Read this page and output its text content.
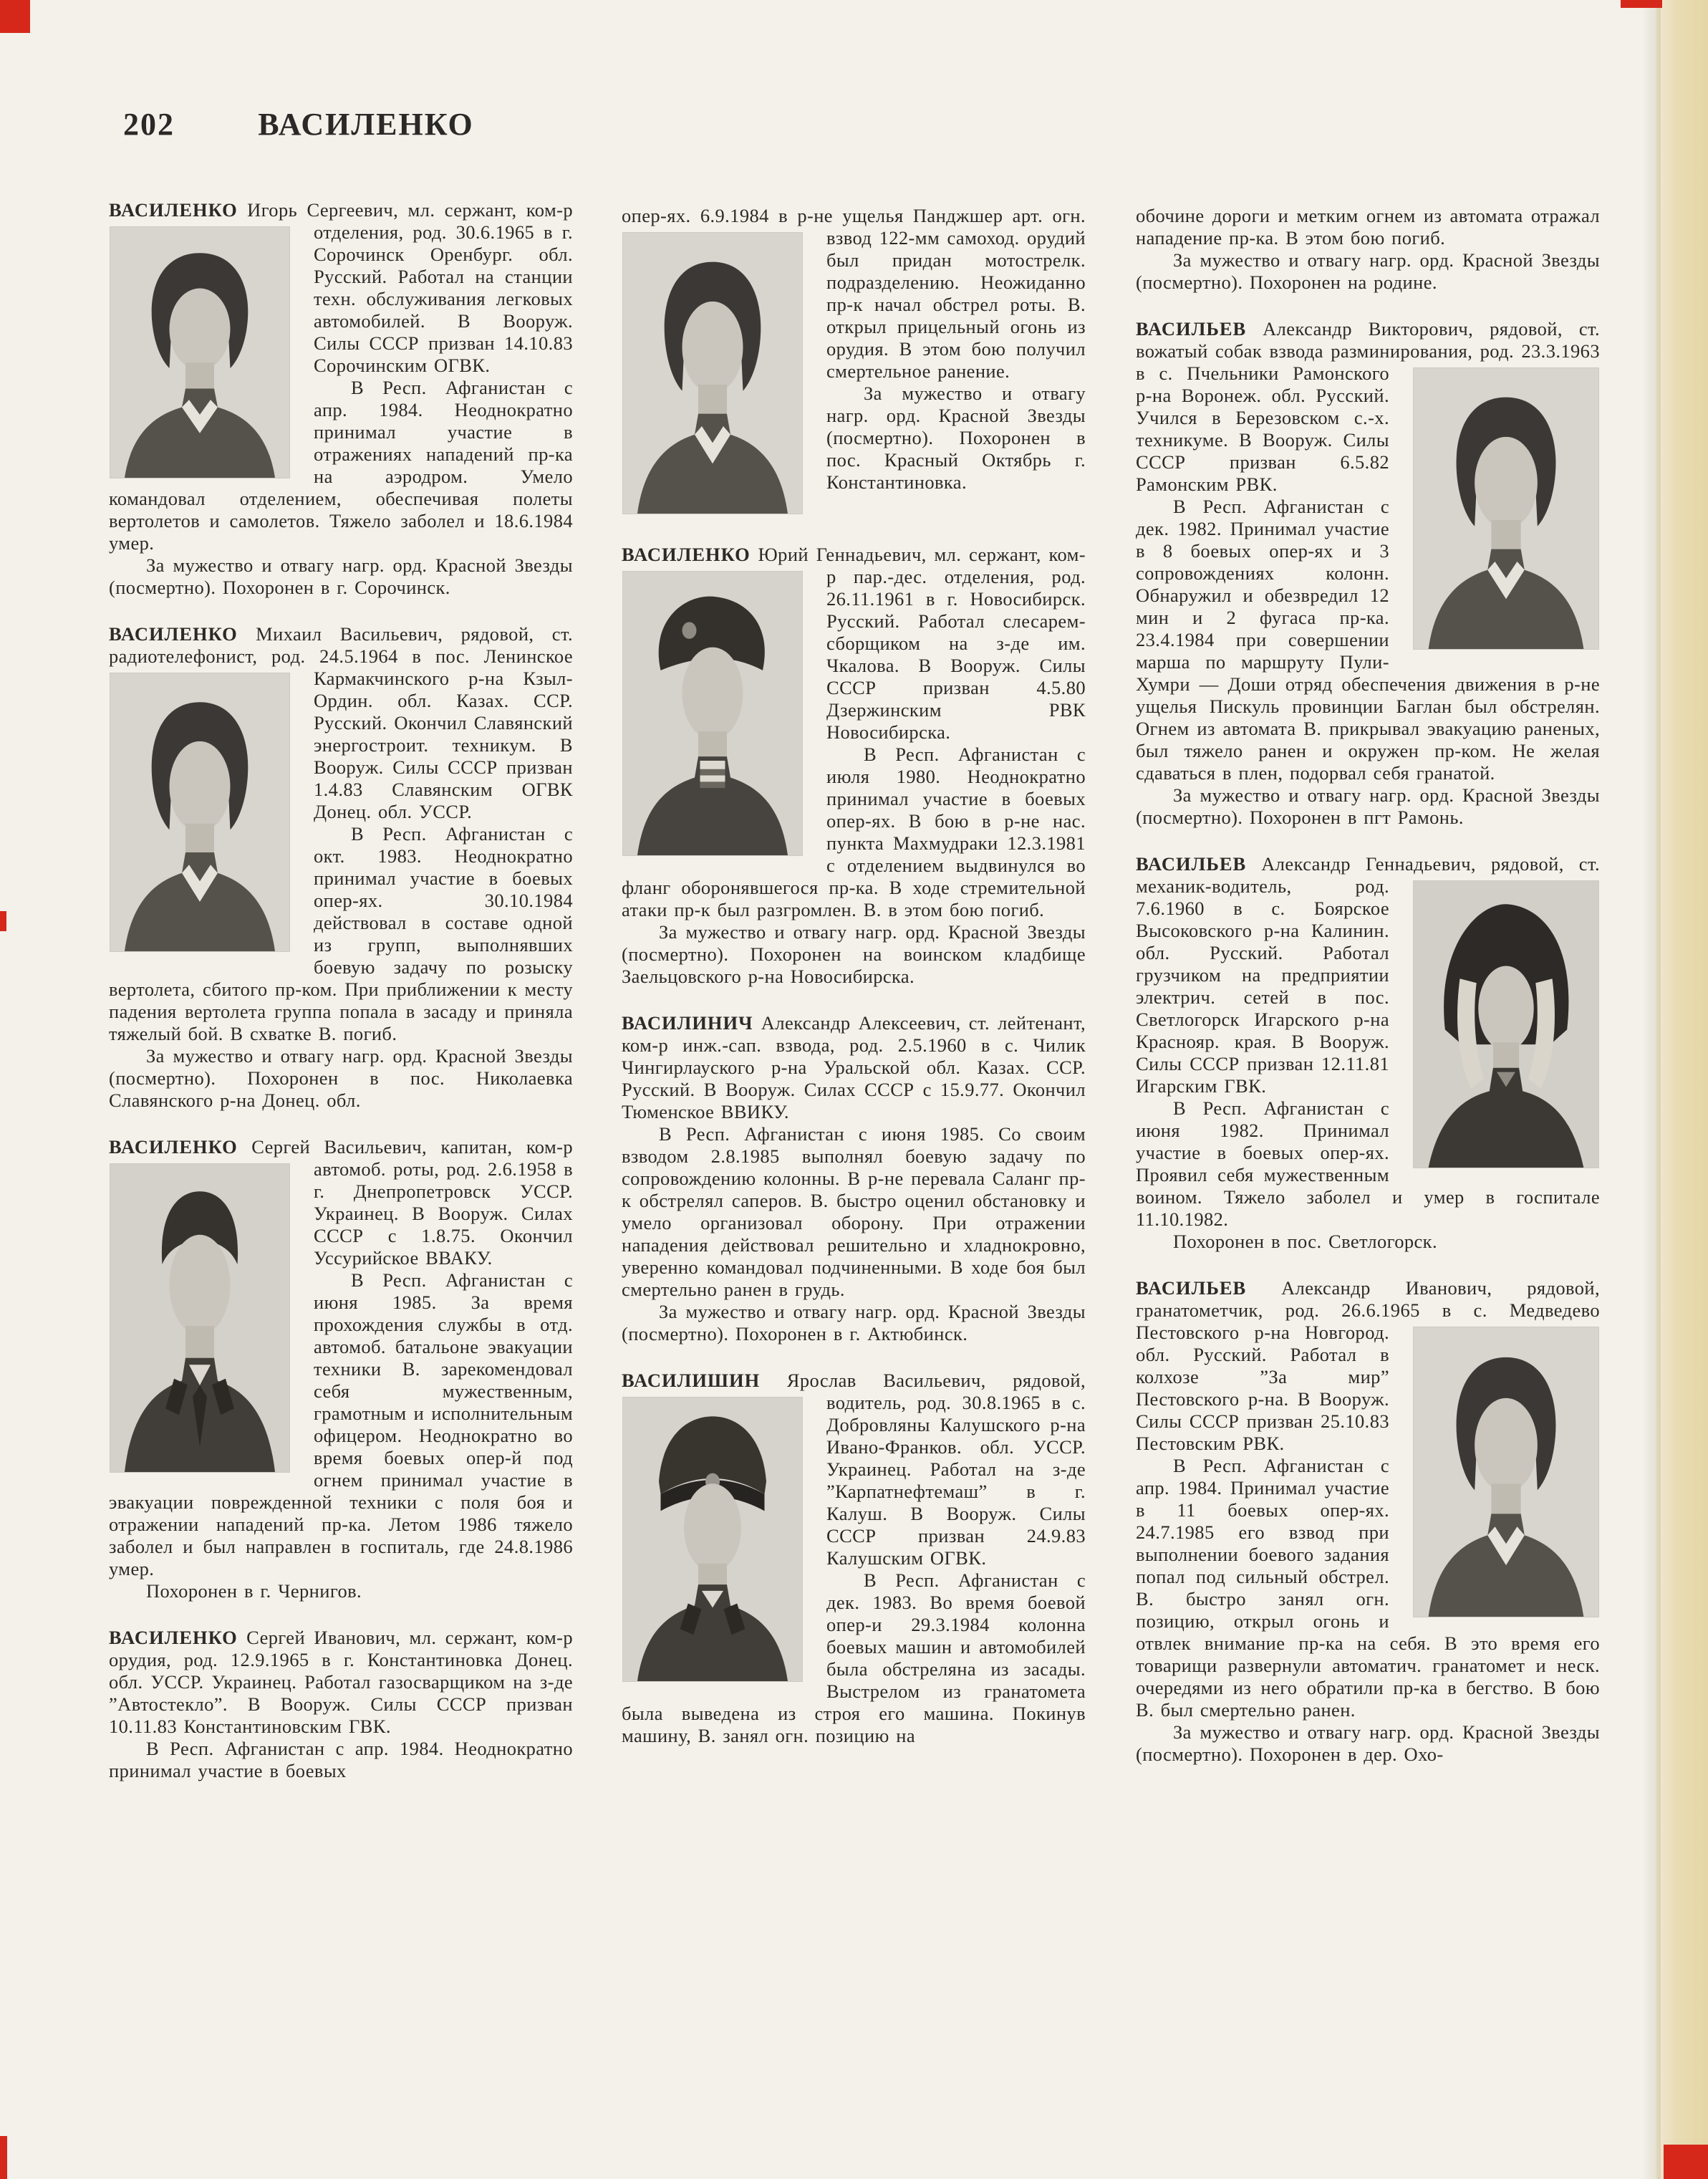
202	ВАСИЛЕНКО

ВАСИЛЕНКО Игорь Сергеевич, мл. сержант, ком-р отделения, род. 30.6.1965 в г.
Сорочинск Оренбург. обл. Русский. Работал на станции техн. обслуживания легковых автомобилей. В Вооруж. Силы СССР призван 14.10.83 Сорочинским ОГВК.

В Респ. Афганистан с апр. 1984. Неоднократно принимал участие в отражениях нападений пр-ка на аэродром. Умело командовал отделением, обеспечивая полеты вертолетов и самолетов. Тяжело заболел и 18.6.1984 умер.

За мужество и отвагу нагр. орд. Красной Звезды (посмертно). Похоронен в г. Сорочинск.

ВАСИЛЕНКО Михаил Васильевич, рядовой, ст. радиотелефонист, род. 24.5.1964 в пос. Ленинское Кармакчинского р-на Кзыл-Ордин. обл. Казах. ССР. Русский. Окончил Славянский энергостроит. техникум. В Вооруж. Силы СССР призван 1.4.83 Славянским ОГВК Донец. обл. УССР.

В Респ. Афганистан с окт. 1983. Неоднократно принимал участие в боевых опер-ях. 30.10.1984 действовал в составе одной из групп, выполнявших боевую задачу по розыску вертолета, сбитого пр-ком. При приближении к месту падения вертолета группа попала в засаду и приняла тяжелый бой. В схватке В. погиб.

За мужество и отвагу нагр. орд. Красной Звезды (посмертно). Похоронен в пос. Николаевка Славянского р-на Донец. обл.

ВАСИЛЕНКО Сергей Васильевич, капитан, ком-р автомоб. роты, род. 2.6.1958 в
г. Днепропетровск УССР. Украинец. В Вооруж. Силах СССР с 1.8.75. Окончил Уссурийское ВВАКУ.

В Респ. Афганистан с июня 1985. За время прохождения службы в отд. автомоб. батальоне эвакуации техники В. зарекомендовал себя мужественным, грамотным и исполнительным офицером. Неоднократно во время боевых опер-й под огнем принимал участие в эвакуации поврежденной техники с поля боя и отражении нападений пр-ка. Летом 1986 тяжело заболел и был направлен в госпиталь, где 24.8.1986 умер.

Похоронен в г. Чернигов.

ВАСИЛЕНКО Сергей Иванович, мл. сержант, ком-р орудия, род. 12.9.1965 в г. Константиновка Донец. обл. УССР. Украинец. Работал газосварщиком на з-де ”Автостекло”. В Вооруж. Силы СССР призван 10.11.83 Константиновским ГВК.

В Респ. Афганистан с апр. 1984. Неоднократно принимал участие в боевых

опер-ях. 6.9.1984 в р-не ущелья Панджшер арт. огн. взвод 122-мм самоход. орудий был придан мотострелк. подразделению. Неожиданно пр-к начал обстрел роты. В. открыл прицельный огонь из орудия. В этом бою получил смертельное ранение.

За мужество и отвагу нагр. орд. Красной Звезды (посмертно). Похоронен в пос. Красный Октябрь г. Константиновка.

ВАСИЛЕНКО Юрий Геннадьевич, мл. сержант, ком-р пар.-дес. отделения, род.
26.11.1961 в г. Новосибирск. Русский. Работал слесарем-сборщиком на з-де им. Чкалова. В Вооруж. Силы СССР призван 4.5.80 Дзержинским РВК Новосибирска.

В Респ. Афганистан с июля 1980. Неоднократно принимал участие в боевых опер-ях. В бою в р-не нас. пункта Махмудраки 12.3.1981 с отделением выдвинулся во фланг оборонявшегося пр-ка. В ходе стремительной атаки пр-к был разгромлен. В. в этом бою погиб.

За мужество и отвагу нагр. орд. Красной Звезды (посмертно). Похоронен на воинском кладбище Заельцовского р-на Новосибирска.

ВАСИЛИНИЧ Александр Алексеевич, ст. лейтенант, ком-р инж.-сап. взвода, род. 2.5.1960 в с. Чилик Чингирлауского р-на Уральской обл. Казах. ССР. Русский. В Вооруж. Силах СССР с 15.9.77. Окончил Тюменское ВВИКУ.

В Респ. Афганистан с июня 1985. Со своим взводом 2.8.1985 выполнял боевую задачу по сопровождению колонны. В р-не перевала Саланг пр-к обстрелял саперов. В. быстро оценил обстановку и умело организовал оборону. При отражении нападения действовал решительно и хладнокровно, уверенно командовал подчиненными. В ходе боя был смертельно ранен в грудь.

За мужество и отвагу нагр. орд. Красной Звезды (посмертно). Похоронен в г. Актюбинск.

ВАСИЛИШИН Ярослав Васильевич, рядовой, водитель, род. 30.8.1965 в с.
Добровляны Калушского р-на Ивано-Франков. обл. УССР. Украинец. Работал на з-де ”Карпатнефтемаш” в г. Калуш. В Вооруж. Силы СССР призван 24.9.83 Калушским ОГВК.

В Респ. Афганистан с дек. 1983. Во время боевой опер-и 29.3.1984 колонна боевых машин и автомобилей была обстреляна из засады. Выстрелом из гранатомета была выведена из строя его машина. Покинув машину, В. занял огн. позицию на

обочине дороги и метким огнем из автомата отражал нападение пр-ка. В этом бою погиб.

За мужество и отвагу нагр. орд. Красной Звезды (посмертно). Похоронен на родине.

ВАСИЛЬЕВ Александр Викторович, рядовой, ст. вожатый собак взвода разминирования, род. 23.3.1963 в с. Пчельники Рамонского р-на Воронеж. обл. Русский. Учился в Березовском с.-х. техникуме. В Вооруж. Силы СССР призван 6.5.82 Рамонским РВК.

В Респ. Афганистан с дек. 1982. Принимал участие в 8 боевых опер-ях и 3 сопровождениях колонн. Обнаружил и обезвредил 12 мин и 2 фугаса пр-ка. 23.4.1984 при совершении марша по маршруту Пули-Хумри — Доши отряд обеспечения движения в р-не ущелья Пискуль провинции Баглан был обстрелян. Огнем из автомата В. прикрывал эвакуацию раненых, был тяжело ранен и окружен пр-ком. Не желая сдаваться в плен, подорвал себя гранатой.

За мужество и отвагу нагр. орд. Красной Звезды (посмертно). Похоронен в пгт Рамонь.

ВАСИЛЬЕВ Александр Геннадьевич, рядовой, ст. механик-водитель, род.
7.6.1960 в с. Боярское Высоковского р-на Калинин. обл. Русский. Работал грузчиком на предприятии электрич. сетей в пос. Светлогорск Игарского р-на Краснояр. края. В Вооруж. Силы СССР призван 12.11.81 Игарским ГВК.

В Респ. Афганистан с июня 1982. Принимал участие в боевых опер-ях. Проявил себя мужественным воином. Тяжело заболел и умер в госпитале 11.10.1982.

Похоронен в пос. Светлогорск.

ВАСИЛЬЕВ Александр Иванович, рядовой, гранатометчик, род. 26.6.1965 в с. Медведево Пестовского р-на Новгород. обл. Русский. Работал в колхозе ”За мир” Пестовского р-на. В Вооруж. Силы СССР призван 25.10.83 Пестовским РВК.

В Респ. Афганистан с апр. 1984. Принимал участие в 11 боевых опер-ях. 24.7.1985 его взвод при выполнении боевого задания попал под сильный обстрел. В. быстро занял огн. позицию, открыл огонь и отвлек внимание пр-ка на себя. В это время его товарищи развернули автоматич. гранатомет и неск. очередями из него обратили пр-ка в бегство. В бою В. был смертельно ранен.

За мужество и отвагу нагр. орд. Красной Звезды (посмертно). Похоронен в дер. Охо-
